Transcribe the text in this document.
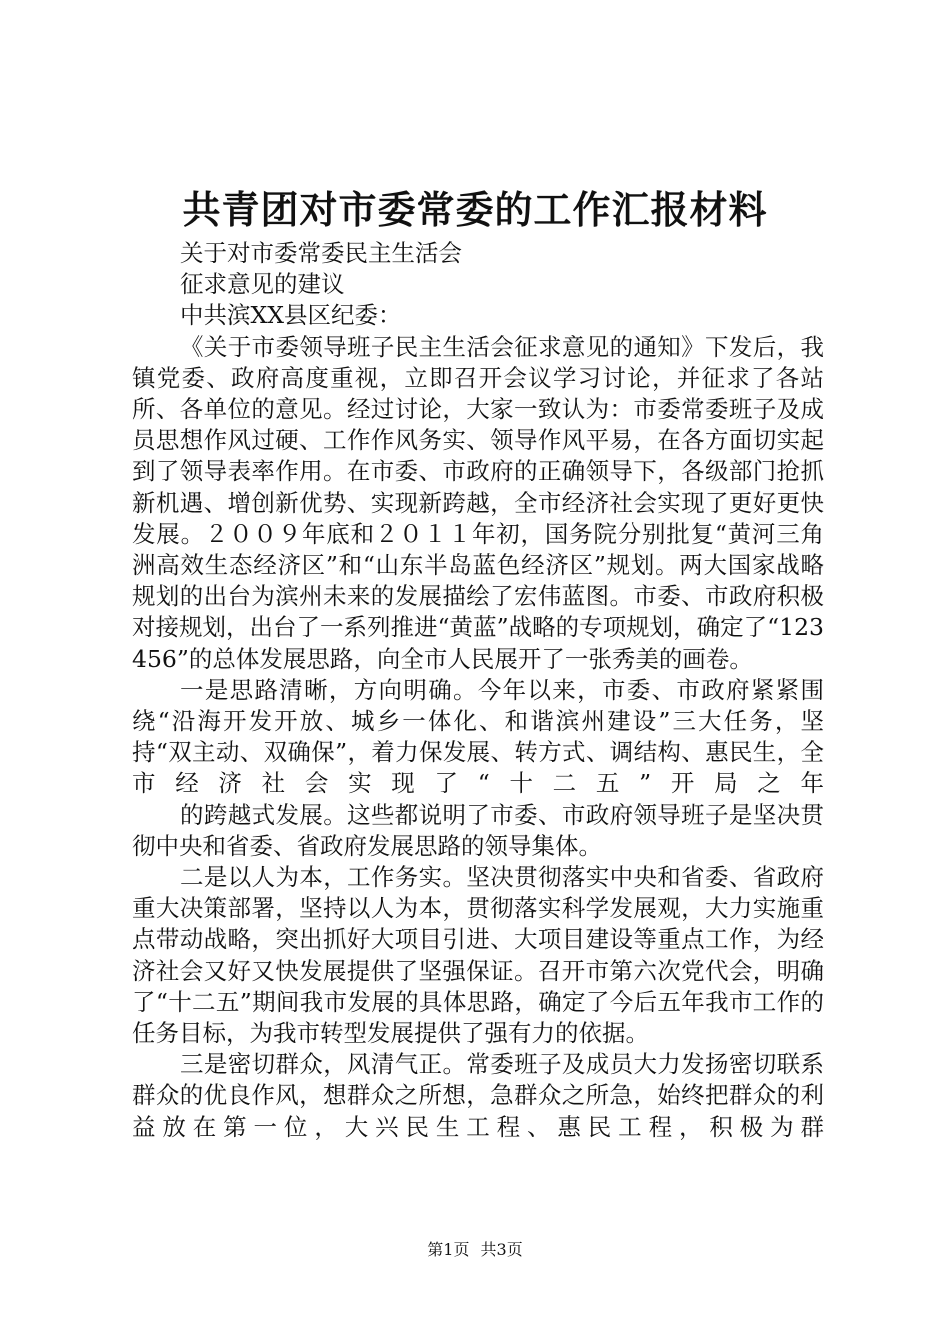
共青团对市委常委的工作汇报材料

关于对市委常委民主生活会

征求意见的建议

中共滨XX县区纪委：

《关于市委领导班子民主生活会征求意见的通知》下发后，我镇党委、政府高度重视，立即召开会议学习讨论，并征求了各站所、各单位的意见。经过讨论，大家一致认为：市委常委班子及成员思想作风过硬、工作作风务实、领导作风平易，在各方面切实起到了领导表率作用。在市委、市政府的正确领导下，各级部门抢抓新机遇、增创新优势、实现新跨越，全市经济社会实现了更好更快发展。２００９年底和２０１１年初，国务院分别批复“黄河三角洲高效生态经济区”和“山东半岛蓝色经济区”规划。两大国家战略规划的出台为滨州未来的发展描绘了宏伟蓝图。市委、市政府积极对接规划，出台了一系列推进“黄蓝”战略的专项规划，确定了“123456”的总体发展思路，向全市人民展开了一张秀美的画卷。

一是思路清晰，方向明确。今年以来，市委、市政府紧紧围绕“沿海开发开放、城乡一体化、和谐滨州建设”三大任务，坚持“双主动、双确保”，着力保发展、转方式、调结构、惠民生，全市经济社会实现了“十二五”开局之年

的跨越式发展。这些都说明了市委、市政府领导班子是坚决贯彻中央和省委、省政府发展思路的领导集体。

二是以人为本，工作务实。坚决贯彻落实中央和省委、省政府重大决策部署，坚持以人为本，贯彻落实科学发展观，大力实施重点带动战略，突出抓好大项目引进、大项目建设等重点工作，为经济社会又好又快发展提供了坚强保证。召开市第六次党代会，明确了“十二五”期间我市发展的具体思路，确定了今后五年我市工作的任务目标，为我市转型发展提供了强有力的依据。

三是密切群众，风清气正。常委班子及成员大力发扬密切联系群众的优良作风，想群众之所想，急群众之所急，始终把群众的利益放在第一位，大兴民生工程、惠民工程，积极为群

第1页 共3页
